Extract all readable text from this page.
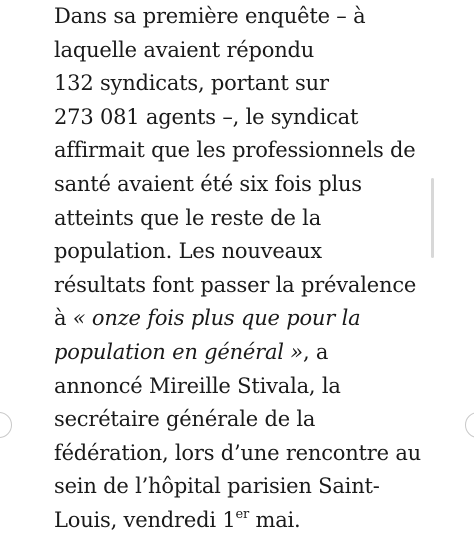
Dans sa première enquête – à
laquelle avaient répondu
132 syndicats, portant sur
273 081 agents –, le syndicat
affirmait que les professionnels de
santé avaient été six fois plus
atteints que le reste de la
population. Les nouveaux
résultats font passer la prévalence
à « onze fois plus que pour la
population en général », a
annoncé Mireille Stivala, la
secrétaire générale de la
fédération, lors d’une rencontre au
sein de l’hôpital parisien Saint-
Louis, vendredi 1er mai.
